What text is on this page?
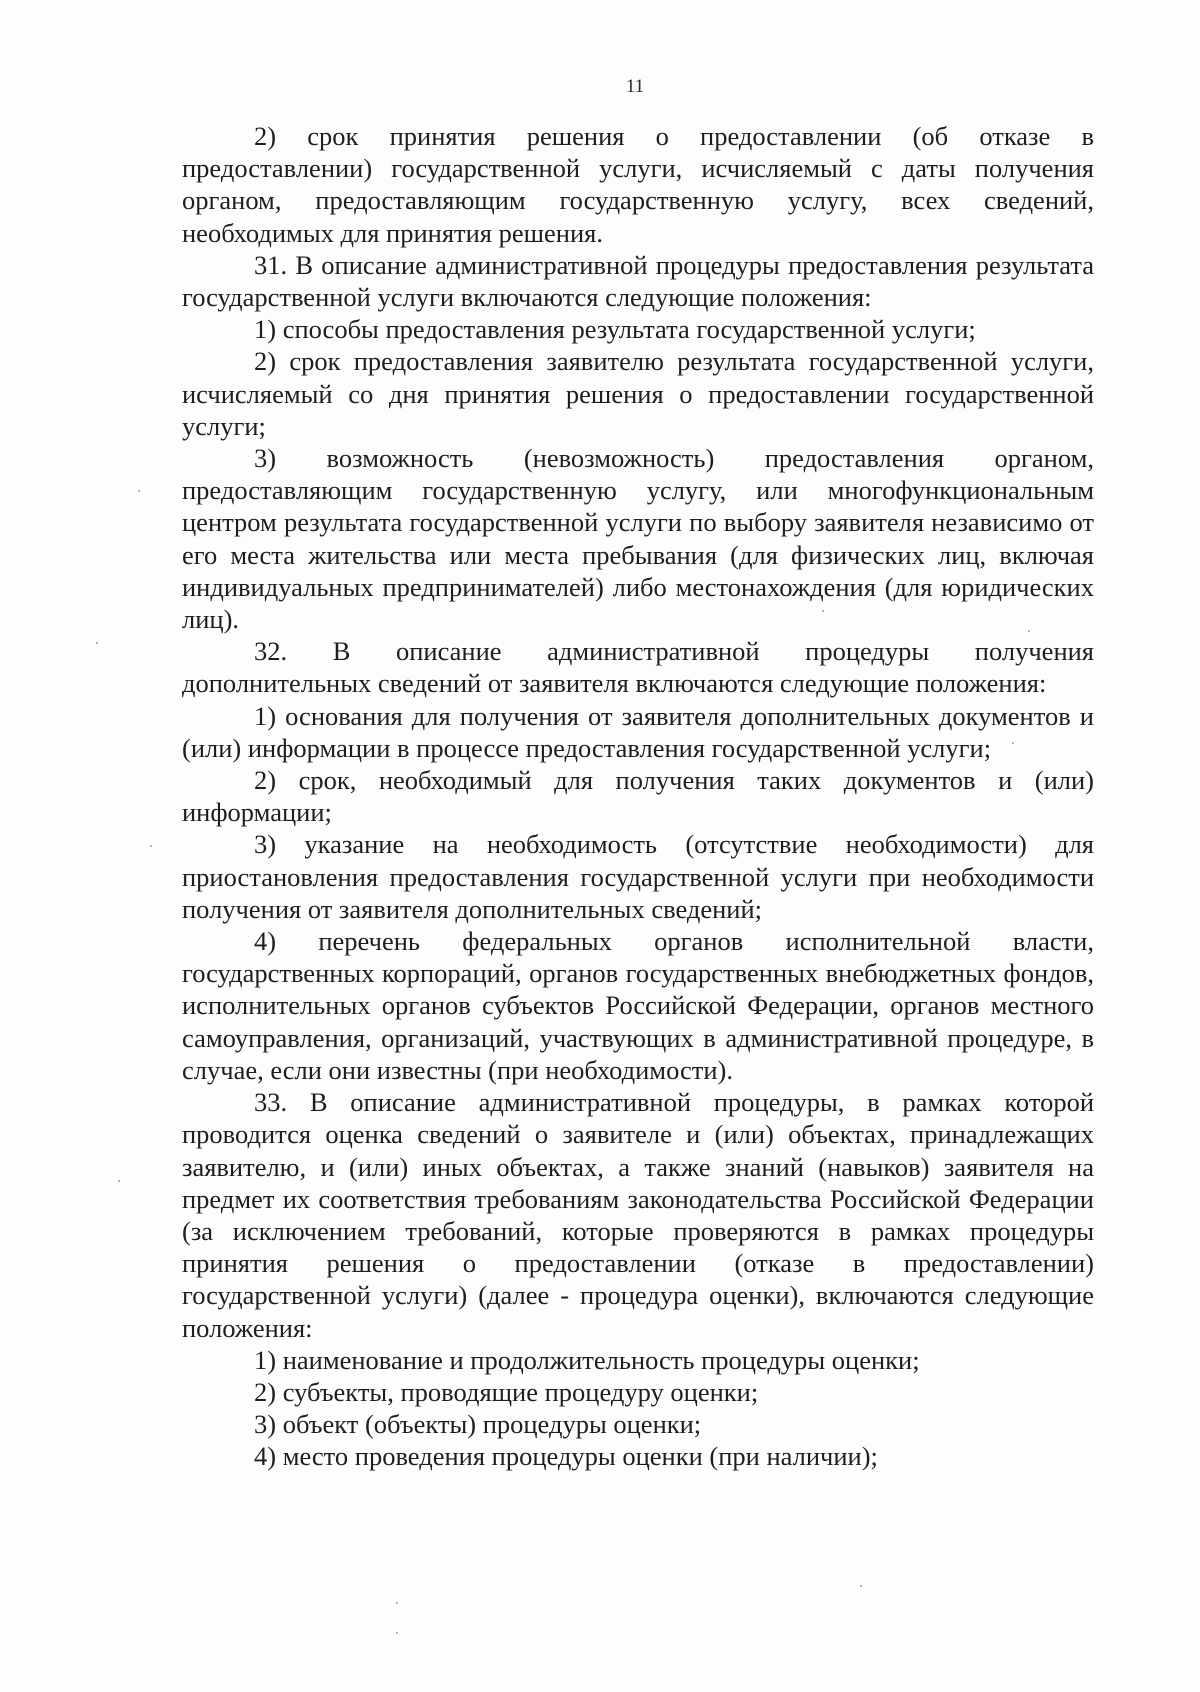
11

2) срок принятия решения о предоставлении (об отказе в предоставлении) государственной услуги, исчисляемый с даты получения органом, предоставляющим государственную услугу, всех сведений, необходимых для принятия решения.

31. В описание административной процедуры предоставления результата государственной услуги включаются следующие положения:

1) способы предоставления результата государственной услуги;

2) срок предоставления заявителю результата государственной услуги, исчисляемый со дня принятия решения о предоставлении государственной услуги;

3) возможность (невозможность) предоставления органом, предоставляющим государственную услугу, или многофункциональным центром результата государственной услуги по выбору заявителя независимо от его места жительства или места пребывания (для физических лиц, включая индивидуальных предпринимателей) либо местонахождения (для юридических лиц).

32. В описание административной процедуры получения дополнительных сведений от заявителя включаются следующие положения:

1) основания для получения от заявителя дополнительных документов и (или) информации в процессе предоставления государственной услуги;

2) срок, необходимый для получения таких документов и (или) информации;

3) указание на необходимость (отсутствие необходимости) для приостановления предоставления государственной услуги при необходимости получения от заявителя дополнительных сведений;

4) перечень федеральных органов исполнительной власти, государственных корпораций, органов государственных внебюджетных фондов, исполнительных органов субъектов Российской Федерации, органов местного самоуправления, организаций, участвующих в административной процедуре, в случае, если они известны (при необходимости).

33. В описание административной процедуры, в рамках которой проводится оценка сведений о заявителе и (или) объектах, принадлежащих заявителю, и (или) иных объектах, а также знаний (навыков) заявителя на предмет их соответствия требованиям законодательства Российской Федерации (за исключением требований, которые проверяются в рамках процедуры принятия решения о предоставлении (отказе в предоставлении) государственной услуги) (далее - процедура оценки), включаются следующие положения:

1) наименование и продолжительность процедуры оценки;

2) субъекты, проводящие процедуру оценки;

3) объект (объекты) процедуры оценки;

4) место проведения процедуры оценки (при наличии);
